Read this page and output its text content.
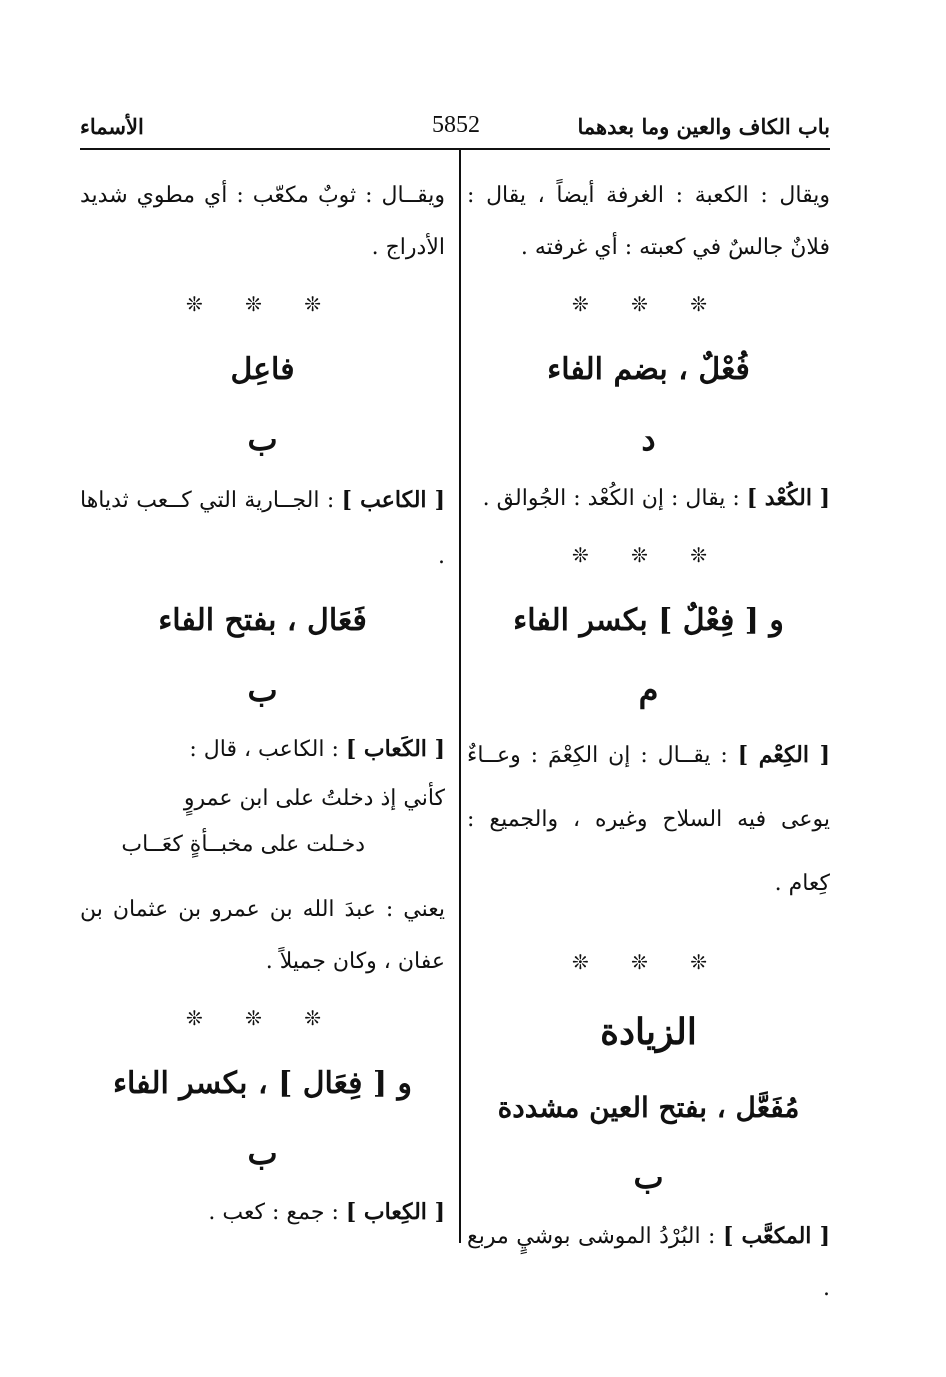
باب الكاف والعين وما بعدهما
5852
الأسماء

ويقال : الكعبة : الغرفة أيضاً ، يقال : فلانٌ جالسٌ في كعبته : أي غرفته .

❊ ❊ ❊
فُعْلٌ ، بضم الفاء
د

[ الكُعْد ] : يقال : إن الكُعْد : الجُوالق .

❊ ❊ ❊
و [ فِعْلٌ ] بكسر الفاء
م

[ الكِعْم ] : يقــال : إن الكِعْمَ : وعــاءٌ يوعى فيه السلاح وغيره ، والجميع : كِعام .

❊ ❊ ❊
الزيادة
مُفَعَّل ، بفتح العين مشددة
ب

[ المكعَّب ] : البُرْدُ الموشى بوشيٍ مربع .

ويقــال : ثوبٌ مكعّب : أي مطوي شديد الأدراج .

❊ ❊ ❊
فاعِل
ب

[ الكاعب ] : الجــارية التي كــعب ثدياها .

فَعَال ، بفتح الفاء
ب

[ الكَعاب ] : الكاعب ، قال :

كأني إذ دخلتُ على ابن عمروٍ
دخـلت على مخبــأةٍ كعَــاب

يعني : عبدَ الله بن عمرو بن عثمان بن عفان ، وكان جميلاً .

❊ ❊ ❊
و [ فِعَال ] ، بكسر الفاء
ب

[ الكِعاب ] : جمع : كعب .
